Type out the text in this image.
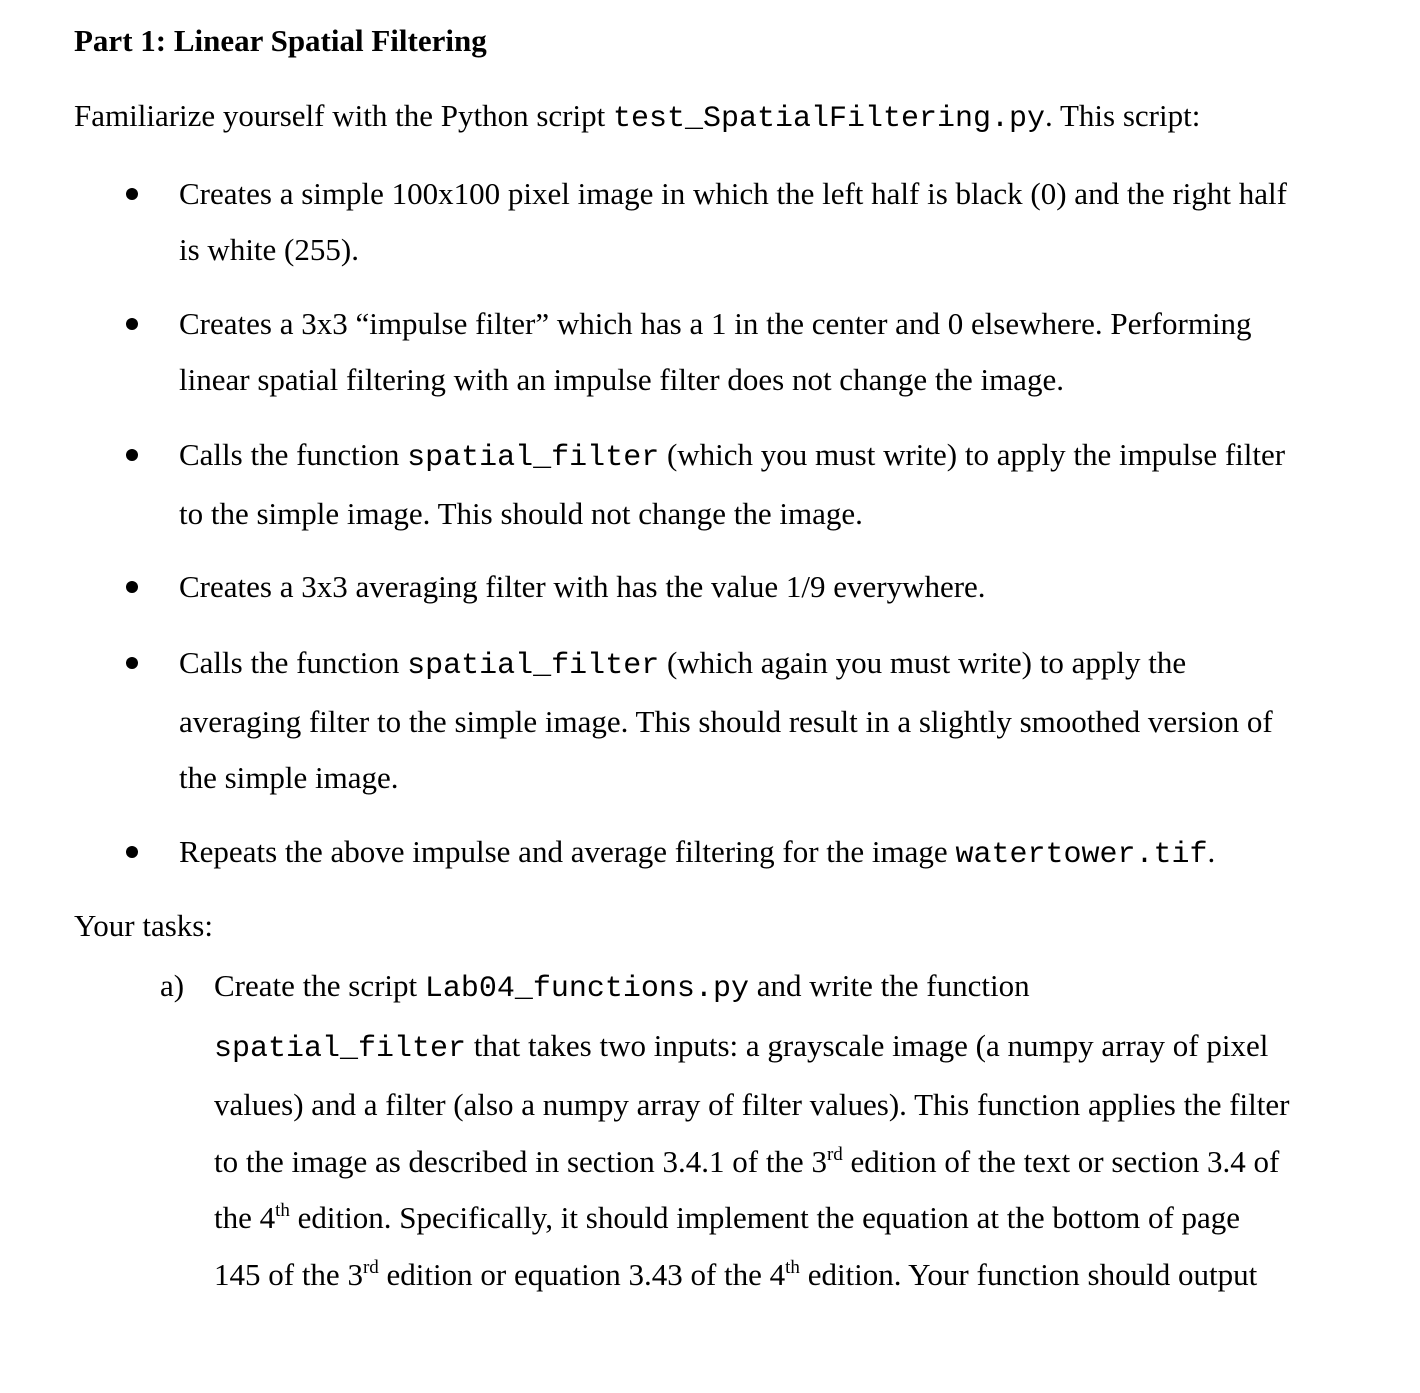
Part 1: Linear Spatial Filtering

Familiarize yourself with the Python script test_SpatialFiltering.py. This script:

Creates a simple 100x100 pixel image in which the left half is black (0) and the right half
is white (255).
Creates a 3x3 “impulse filter” which has a 1 in the center and 0 elsewhere. Performing
linear spatial filtering with an impulse filter does not change the image.
Calls the function spatial_filter (which you must write) to apply the impulse filter
to the simple image. This should not change the image.
Creates a 3x3 averaging filter with has the value 1/9 everywhere.
Calls the function spatial_filter (which again you must write) to apply the
averaging filter to the simple image. This should result in a slightly smoothed version of
the simple image.
Repeats the above impulse and average filtering for the image watertower.tif.

Your tasks:

a) Create the script Lab04_functions.py and write the function
spatial_filter that takes two inputs: a grayscale image (a numpy array of pixel
values) and a filter (also a numpy array of filter values). This function applies the filter
to the image as described in section 3.4.1 of the 3rd edition of the text or section 3.4 of
the 4th edition. Specifically, it should implement the equation at the bottom of page
145 of the 3rd edition or equation 3.43 of the 4th edition. Your function should output
